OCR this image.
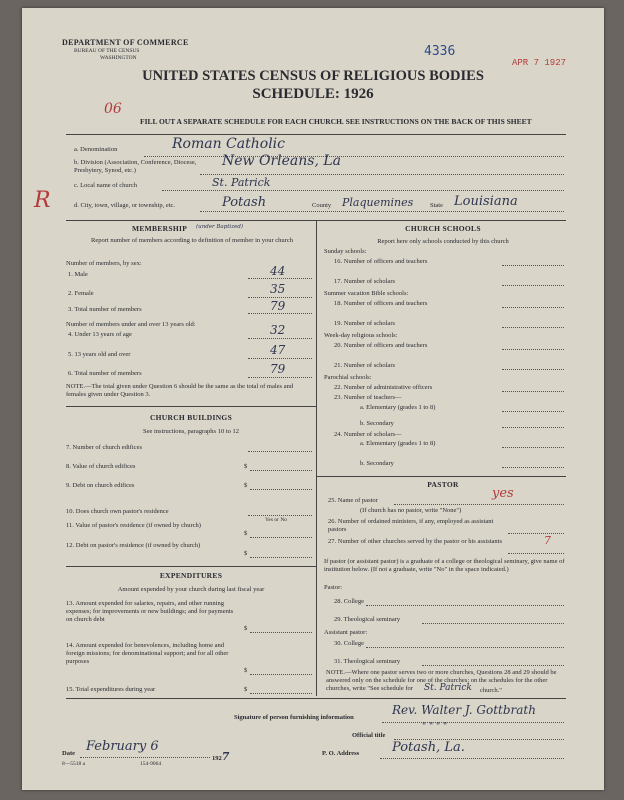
DEPARTMENT OF COMMERCE
BUREAU OF THE CENSUS
WASHINGTON	4336
APR 7 1927
UNITED STATES CENSUS OF RELIGIOUS BODIES
SCHEDULE: 1926
06
FILL OUT A SEPARATE SCHEDULE FOR EACH CHURCH. SEE INSTRUCTIONS ON THE BACK OF THIS SHEET
a. Denomination	Roman Catholic
b. Division (Association, Conference, Diocese, Presbytery, Synod, etc.)
New Orleans, La
c. Local name of church	St. Patrick
R	d. City, town, village, or township, etc.	Potash	County Plaquemines	State Louisiana
MEMBERSHIP (under Baptized)
Report number of members according to definition of member in your church
Number of members, by sex:
1. Male	44
2. Female	35
3. Total number of members	79
Number of members under and over 13 years old:
4. Under 13 years of age	32
5. 13 years old and over	47
6. Total number of members	79
NOTE.—The total given under Question 6 should be the same as the total of males and females given under Question 3.
CHURCH BUILDINGS
See instructions, paragraphs 10 to 12
7. Number of church edifices
8. Value of church edifices	$
9. Debt on church edifices	$
10. Does church own pastor's residence
Yes or No
11. Value of pastor's residence (if owned by church)
$
12. Debt on pastor's residence (if owned by church)
$
EXPENDITURES
Amount expended by your church during last fiscal year
13. Amount expended for salaries, repairs, and other running expenses; for improvements or new buildings; and for payments on church debt
$
14. Amount expended for benevolences, including home and foreign missions; for denominational support; and for all other purposes
$
15. Total expenditures during year	$
CHURCH SCHOOLS
Report here only schools conducted by this church
Sunday schools:
16. Number of officers and teachers
17. Number of scholars
Summer vacation Bible schools:
18. Number of officers and teachers
19. Number of scholars
Week-day religious schools:
20. Number of officers and teachers
21. Number of scholars
Parochial schools:
22. Number of administrative officers
23. Number of teachers—
a. Elementary (grades 1 to 8)
b. Secondary
24. Number of scholars—
a. Elementary (grades 1 to 8)
b. Secondary
PASTOR
25. Name of pastor	yes
(If church has no pastor, write "None")
26. Number of ordained ministers, if any, employed as assistant pastors
27. Number of other churches served by the pastor or his assistants	7
If pastor (or assistant pastor) is a graduate of a college or theological seminary, give name of institution below. (If not a graduate, write "No" in the space indicated.)
Pastor:
28. College
29. Theological seminary
Assistant pastor:
30. College
31. Theological seminary
NOTE.—Where one pastor serves two or more churches, Questions 28 and 29 should be answered only on the schedule for one of the churches; on the schedules for the other churches, write "See schedule for	St. Patrick church."
Signature of person furnishing information
Rev. Walter J. Gottbrath
Official title
" " " "
Date February 6
1927	P. O. Address	Potash, La.
8—5518 a	154-9064
